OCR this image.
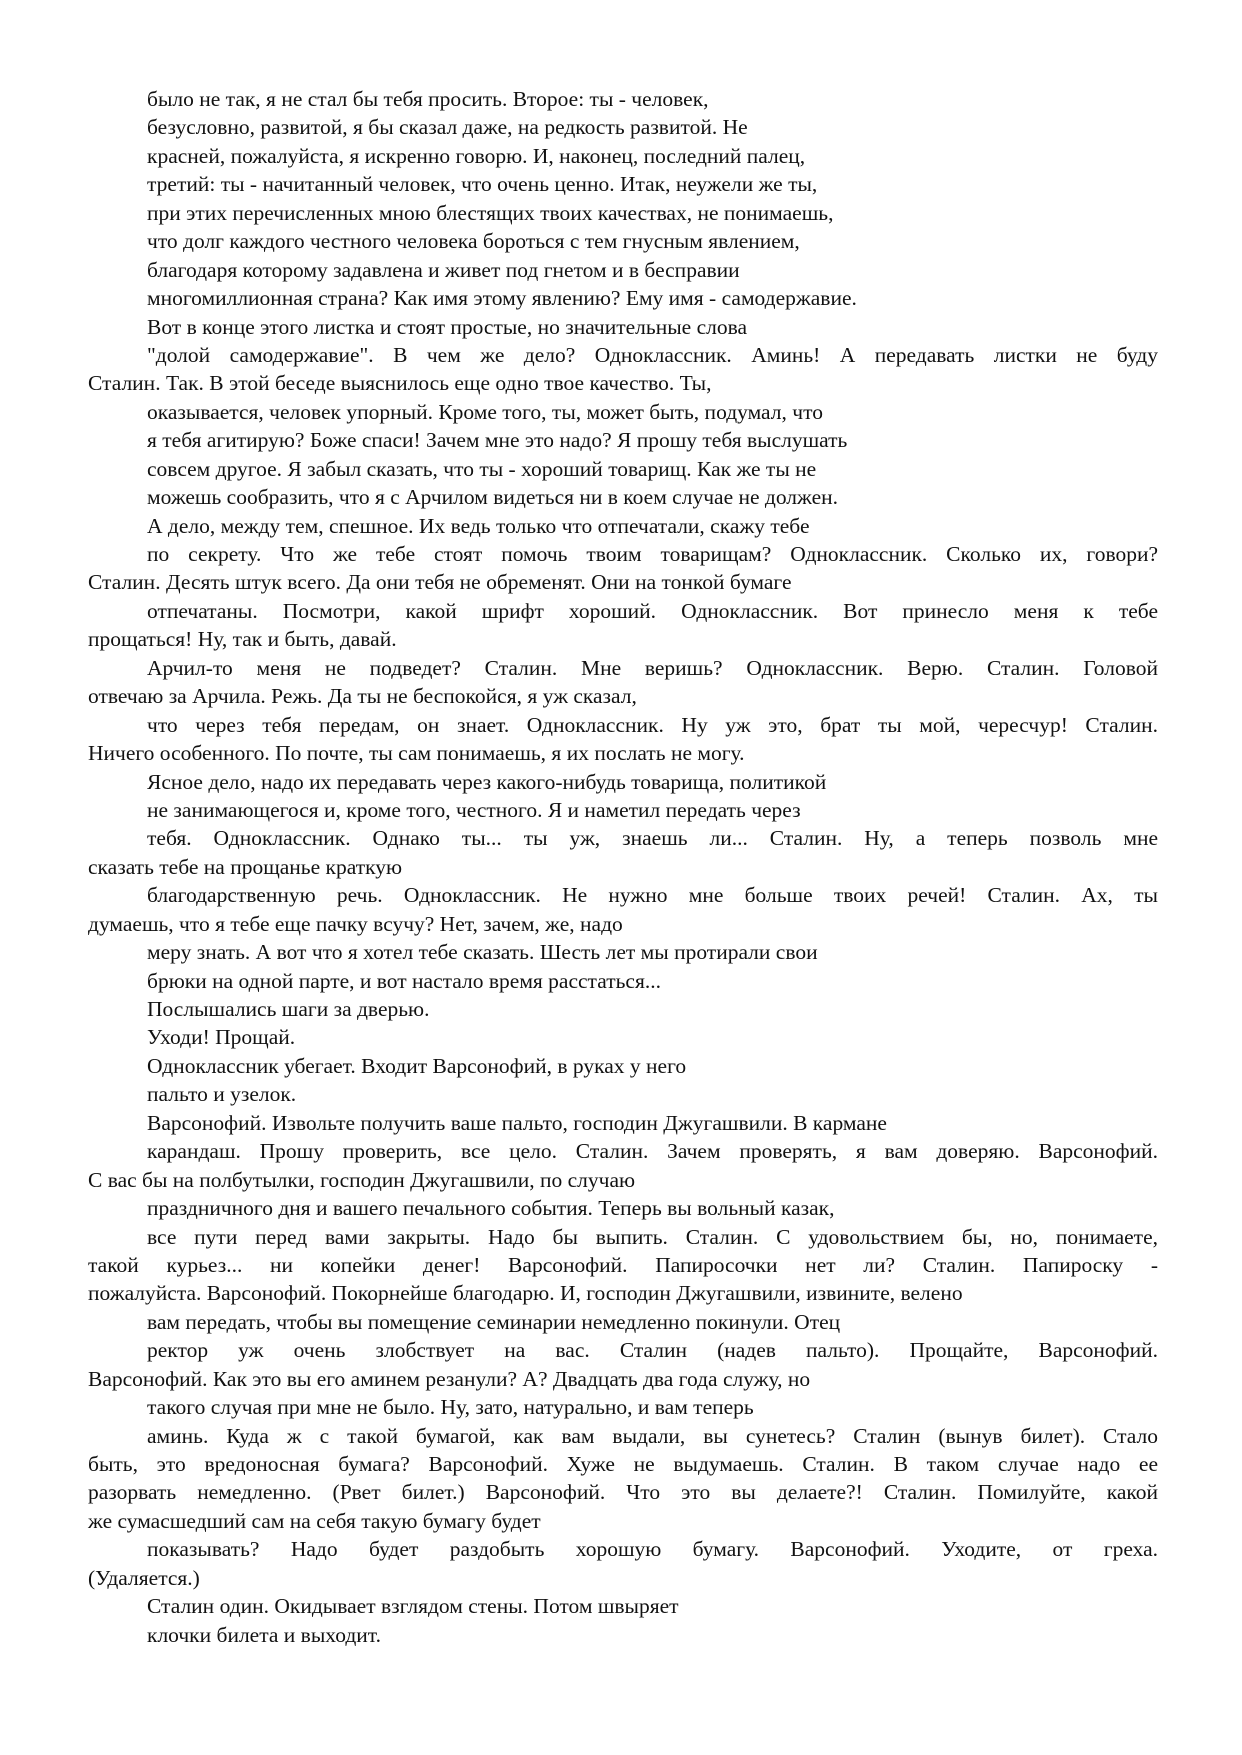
было не так, я не стал бы тебя просить. Второе: ты - человек,
безусловно, развитой, я бы сказал даже, на редкость развитой. Не
красней, пожалуйста, я искренно говорю. И, наконец, последний палец,
третий: ты - начитанный человек, что очень ценно. Итак, неужели же ты,
при этих перечисленных мною блестящих твоих качествах, не понимаешь,
что долг каждого честного человека бороться с тем гнусным явлением,
благодаря которому задавлена и живет под гнетом и в бесправии
многомиллионная страна? Как имя этому явлению? Ему имя - самодержавие.
Вот в конце этого листка и стоят простые, но значительные слова
"долой самодержавие". В чем же дело? Одноклассник. Аминь! А передавать листки не буду
Сталин. Так. В этой беседе выяснилось еще одно твое качество. Ты,
оказывается, человек упорный. Кроме того, ты, может быть, подумал, что
я тебя агитирую? Боже спаси! Зачем мне это надо? Я прошу тебя выслушать
совсем другое. Я забыл сказать, что ты - хороший товарищ. Как же ты не
можешь сообразить, что я с Арчилом видеться ни в коем случае не должен.
А дело, между тем, спешное. Их ведь только что отпечатали, скажу тебе
по секрету. Что же тебе стоят помочь твоим товарищам? Одноклассник. Сколько их, говори?
Сталин. Десять штук всего. Да они тебя не обременят. Они на тонкой бумаге
отпечатаны. Посмотри, какой шрифт хороший. Одноклассник. Вот принесло меня к тебе
прощаться! Ну, так и быть, давай.
Арчил-то меня не подведет? Сталин. Мне веришь? Одноклассник. Верю. Сталин. Головой
отвечаю за Арчила. Режь. Да ты не беспокойся, я уж сказал,
что через тебя передам, он знает. Одноклассник. Ну уж это, брат ты мой, чересчур! Сталин.
Ничего особенного. По почте, ты сам понимаешь, я их послать не могу.
Ясное дело, надо их передавать через какого-нибудь товарища, политикой
не занимающегося и, кроме того, честного. Я и наметил передать через
тебя. Одноклассник. Однако ты... ты уж, знаешь ли... Сталин. Ну, а теперь позволь мне
сказать тебе на прощанье краткую
благодарственную речь. Одноклассник. Не нужно мне больше твоих речей! Сталин. Ах, ты
думаешь, что я тебе еще пачку всучу? Нет, зачем, же, надо
меру знать. А вот что я хотел тебе сказать. Шесть лет мы протирали свои
брюки на одной парте, и вот настало время расстаться...
Послышались шаги за дверью.
Уходи! Прощай.
Одноклассник убегает. Входит Варсонофий, в руках у него
пальто и узелок.
Варсонофий. Извольте получить ваше пальто, господин Джугашвили. В кармане
карандаш. Прошу проверить, все цело. Сталин. Зачем проверять, я вам доверяю. Варсонофий.
С вас бы на полбутылки, господин Джугашвили, по случаю
праздничного дня и вашего печального события. Теперь вы вольный казак,
все пути перед вами закрыты. Надо бы выпить. Сталин. С удовольствием бы, но, понимаете,
такой курьез... ни копейки денег! Варсонофий. Папиросочки нет ли? Сталин. Папироску -
пожалуйста. Варсонофий. Покорнейше благодарю. И, господин Джугашвили, извините, велено
вам передать, чтобы вы помещение семинарии немедленно покинули. Отец
ректор уж очень злобствует на вас. Сталин (надев пальто). Прощайте, Варсонофий.
Варсонофий. Как это вы его аминем резанули? А? Двадцать два года служу, но
такого случая при мне не было. Ну, зато, натурально, и вам теперь
аминь. Куда ж с такой бумагой, как вам выдали, вы сунетесь? Сталин (вынув билет). Стало
быть, это вредоносная бумага? Варсонофий. Хуже не выдумаешь. Сталин. В таком случае надо ее
разорвать немедленно. (Рвет билет.) Варсонофий. Что это вы делаете?! Сталин. Помилуйте, какой
же сумасшедший сам на себя такую бумагу будет
показывать? Надо будет раздобыть хорошую бумагу. Варсонофий. Уходите, от греха.
(Удаляется.)
Сталин один. Окидывает взглядом стены. Потом швыряет
клочки билета и выходит.
